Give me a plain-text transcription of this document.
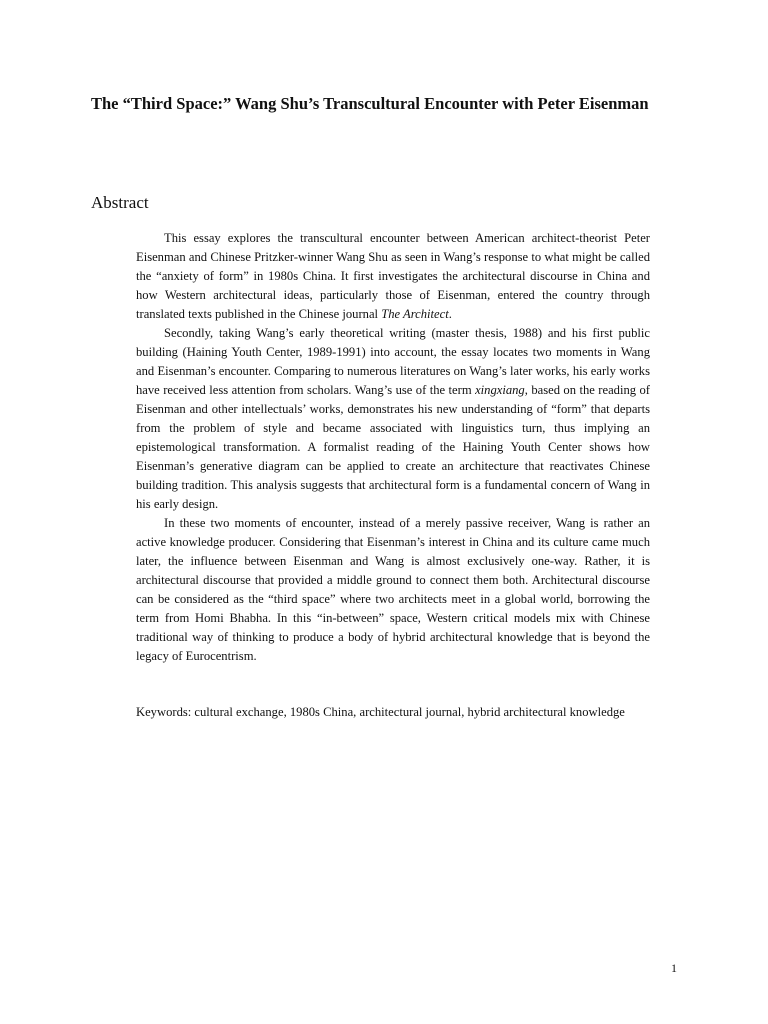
The “Third Space:” Wang Shu’s Transcultural Encounter with Peter Eisenman
Abstract

This essay explores the transcultural encounter between American architect-theorist Peter Eisenman and Chinese Pritzker-winner Wang Shu as seen in Wang’s response to what might be called the “anxiety of form” in 1980s China. It first investigates the architectural discourse in China and how Western architectural ideas, particularly those of Eisenman, entered the country through translated texts published in the Chinese journal The Architect.

Secondly, taking Wang’s early theoretical writing (master thesis, 1988) and his first public building (Haining Youth Center, 1989-1991) into account, the essay locates two moments in Wang and Eisenman’s encounter. Comparing to numerous literatures on Wang’s later works, his early works have received less attention from scholars. Wang’s use of the term xingxiang, based on the reading of Eisenman and other intellectuals’ works, demonstrates his new understanding of “form” that departs from the problem of style and became associated with linguistics turn, thus implying an epistemological transformation. A formalist reading of the Haining Youth Center shows how Eisenman’s generative diagram can be applied to create an architecture that reactivates Chinese building tradition. This analysis suggests that architectural form is a fundamental concern of Wang in his early design.

In these two moments of encounter, instead of a merely passive receiver, Wang is rather an active knowledge producer. Considering that Eisenman’s interest in China and its culture came much later, the influence between Eisenman and Wang is almost exclusively one-way. Rather, it is architectural discourse that provided a middle ground to connect them both. Architectural discourse can be considered as the “third space” where two architects meet in a global world, borrowing the term from Homi Bhabha. In this “in-between” space, Western critical models mix with Chinese traditional way of thinking to produce a body of hybrid architectural knowledge that is beyond the legacy of Eurocentrism.

Keywords: cultural exchange, 1980s China, architectural journal, hybrid architectural knowledge
1
